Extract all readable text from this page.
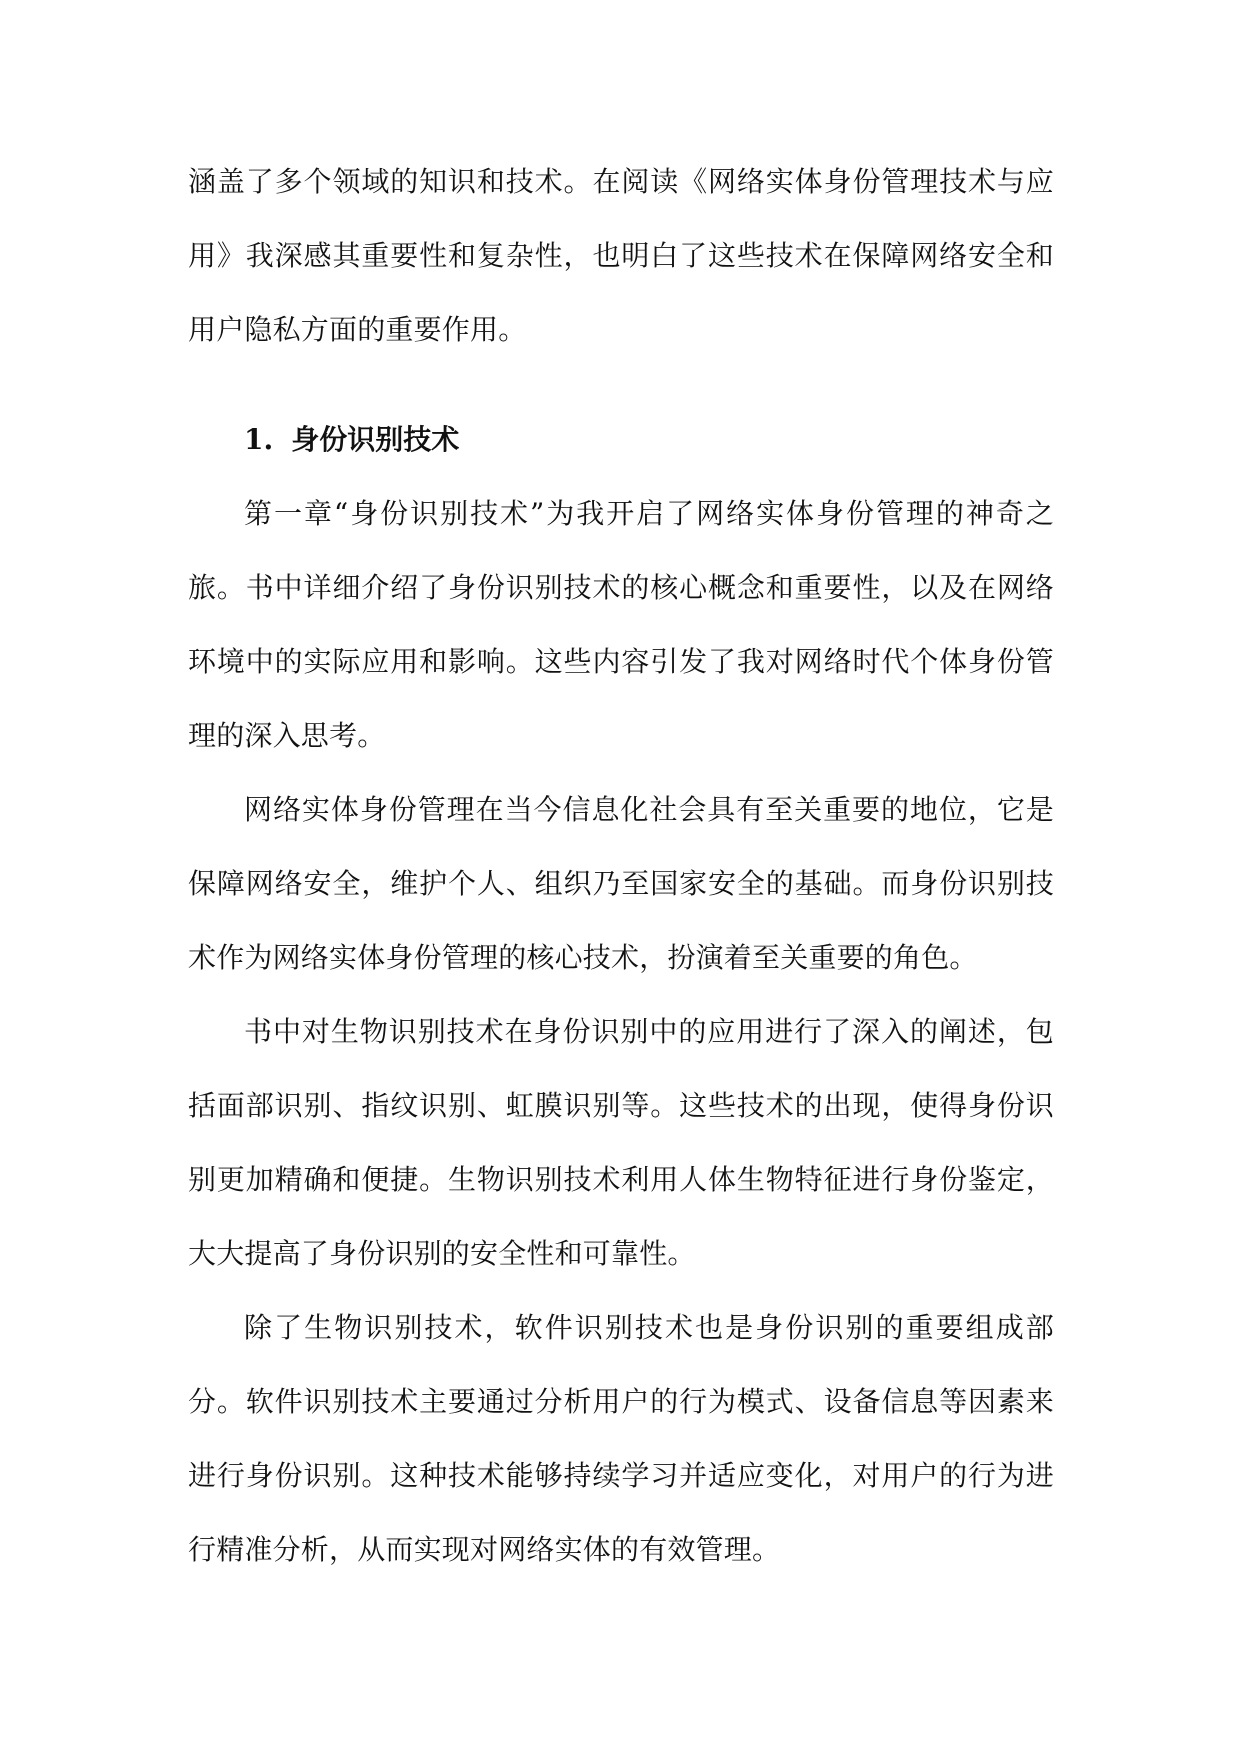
涵盖了多个领域的知识和技术。在阅读《网络实体身份管理技术与应用》我深感其重要性和复杂性，也明白了这些技术在保障网络安全和用户隐私方面的重要作用。

1. 身份识别技术

第一章“身份识别技术”为我开启了网络实体身份管理的神奇之旅。书中详细介绍了身份识别技术的核心概念和重要性，以及在网络环境中的实际应用和影响。这些内容引发了我对网络时代个体身份管理的深入思考。

网络实体身份管理在当今信息化社会具有至关重要的地位，它是保障网络安全，维护个人、组织乃至国家安全的基础。而身份识别技术作为网络实体身份管理的核心技术，扮演着至关重要的角色。

书中对生物识别技术在身份识别中的应用进行了深入的阐述，包括面部识别、指纹识别、虹膜识别等。这些技术的出现，使得身份识别更加精确和便捷。生物识别技术利用人体生物特征进行身份鉴定，大大提高了身份识别的安全性和可靠性。

除了生物识别技术，软件识别技术也是身份识别的重要组成部分。软件识别技术主要通过分析用户的行为模式、设备信息等因素来进行身份识别。这种技术能够持续学习并适应变化，对用户的行为进行精准分析，从而实现对网络实体的有效管理。
